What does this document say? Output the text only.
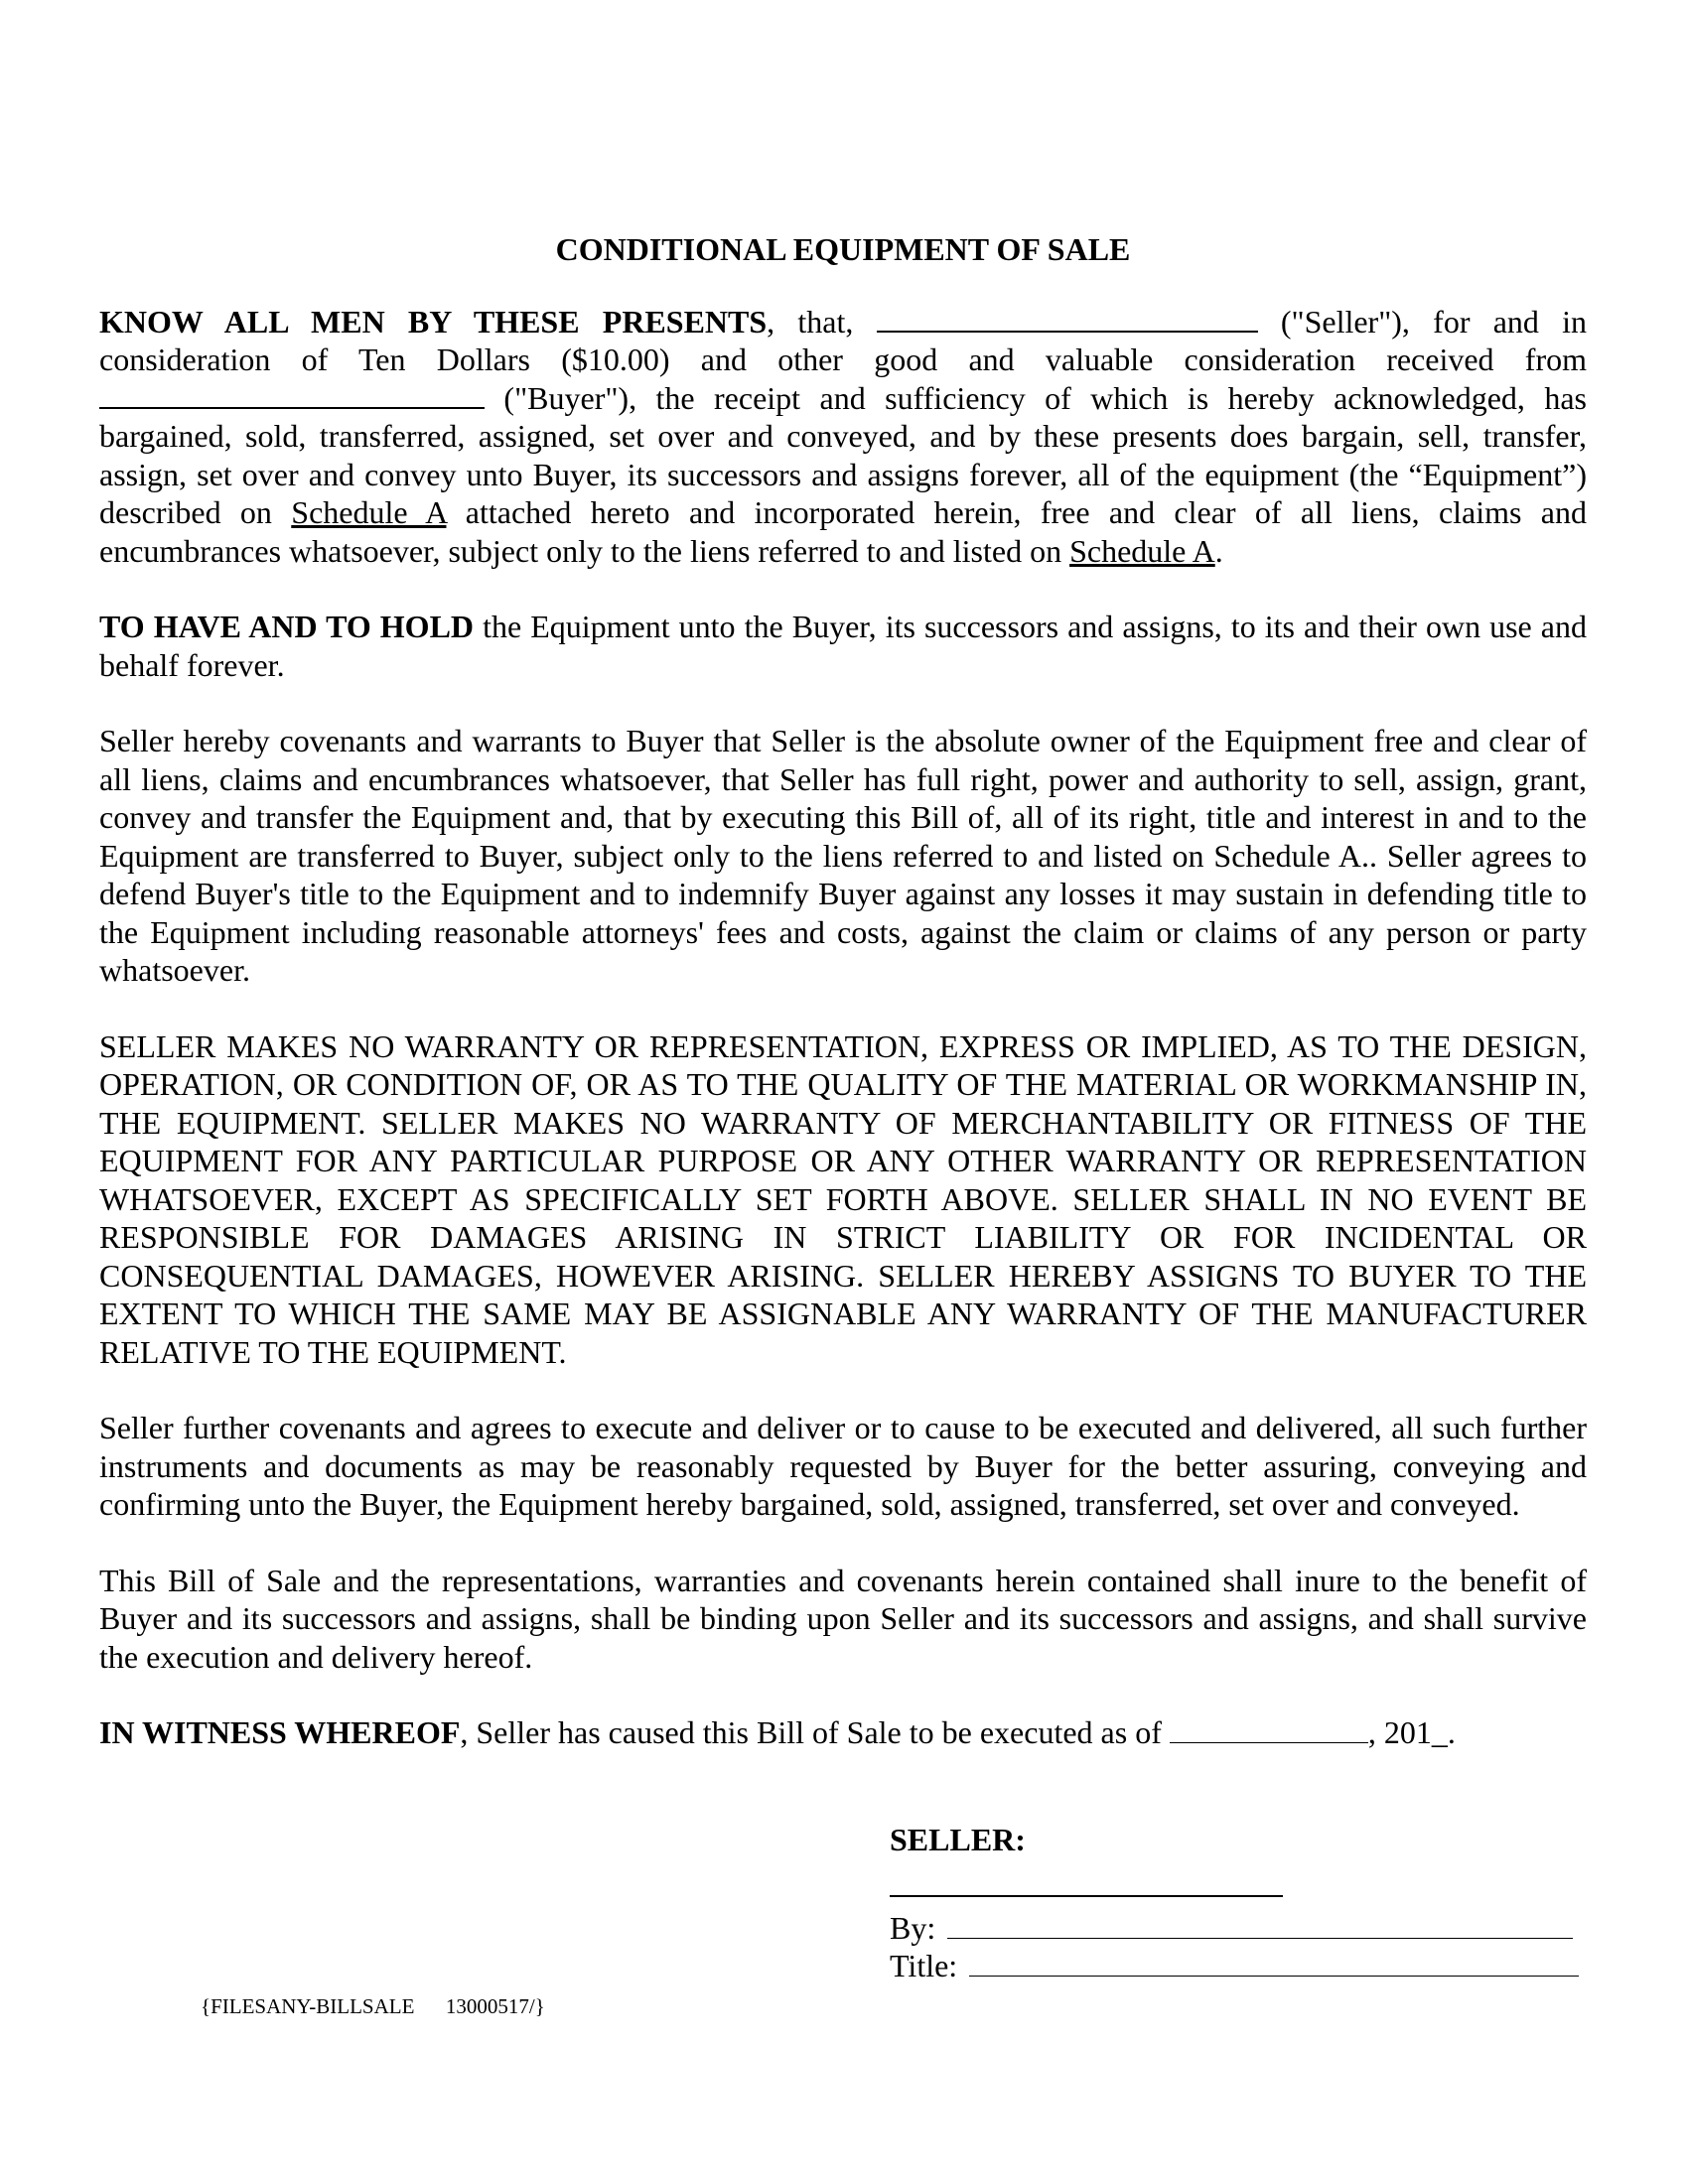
CONDITIONAL EQUIPMENT OF SALE

KNOW ALL MEN BY THESE PRESENTS, that,	("Seller"), for and in consideration of Ten Dollars ($10.00) and other good and valuable consideration received from  ("Buyer"), the receipt and sufficiency of which is hereby acknowledged, has bargained, sold, transferred, assigned, set over and conveyed, and by these presents does bargain, sell, transfer, assign, set over and convey unto Buyer, its successors and assigns forever, all of the equipment (the “Equipment”) described on Schedule A attached hereto and incorporated herein, free and clear of all liens, claims and encumbrances whatsoever, subject only to the liens referred to and listed on Schedule A.

TO HAVE AND TO HOLD the Equipment unto the Buyer, its successors and assigns, to its and their own use and behalf forever.

Seller hereby covenants and warrants to Buyer that Seller is the absolute owner of the Equipment free and clear of all liens, claims and encumbrances whatsoever, that Seller has full right, power and authority to sell, assign, grant, convey and transfer the Equipment and, that by executing this Bill of, all of its right, title and interest in and to the Equipment are transferred to Buyer, subject only to the liens referred to and listed on Schedule A.. Seller agrees to defend Buyer's title to the Equipment and to indemnify Buyer against any losses it may sustain in defending title to the Equipment including reasonable attorneys' fees and costs, against the claim or claims of any person or party whatsoever.

SELLER MAKES NO WARRANTY OR REPRESENTATION, EXPRESS OR IMPLIED, AS TO THE DESIGN, OPERATION, OR CONDITION OF, OR AS TO THE QUALITY OF THE MATERIAL OR WORKMANSHIP IN, THE EQUIPMENT. SELLER MAKES NO WARRANTY OF MERCHANTABILITY OR FITNESS OF THE EQUIPMENT FOR ANY PARTICULAR PURPOSE OR ANY OTHER WARRANTY OR REPRESENTATION WHATSOEVER, EXCEPT AS SPECIFICALLY SET FORTH ABOVE. SELLER SHALL IN NO EVENT BE RESPONSIBLE FOR DAMAGES ARISING IN STRICT LIABILITY OR FOR INCIDENTAL OR CONSEQUENTIAL DAMAGES, HOWEVER ARISING. SELLER HEREBY ASSIGNS TO BUYER TO THE EXTENT TO WHICH THE SAME MAY BE ASSIGNABLE ANY WARRANTY OF THE MANUFACTURER RELATIVE TO THE EQUIPMENT.

Seller further covenants and agrees to execute and deliver or to cause to be executed and delivered, all such further instruments and documents as may be reasonably requested by Buyer for the better assuring, conveying and confirming unto the Buyer, the Equipment hereby bargained, sold, assigned, transferred, set over and conveyed.

This Bill of Sale and the representations, warranties and covenants herein contained shall inure to the benefit of Buyer and its successors and assigns, shall be binding upon Seller and its successors and assigns, and shall survive the execution and delivery hereof.

IN WITNESS WHEREOF, Seller has caused this Bill of Sale to be executed as of	, 201_.

SELLER:
By:
Title:
{FILESANY-BILLSALE      13000517/}
